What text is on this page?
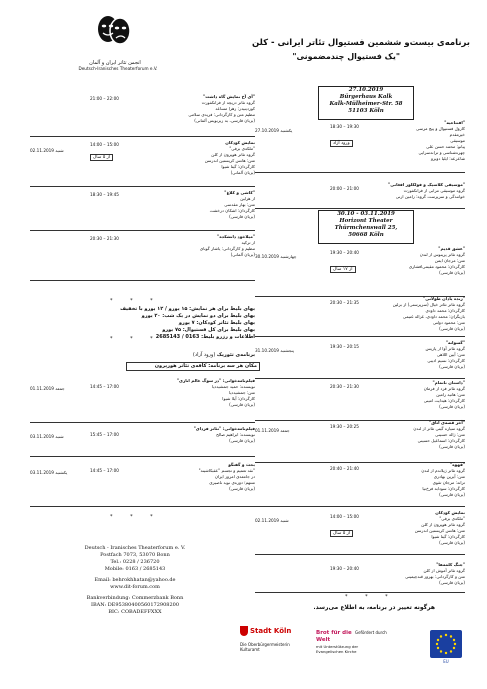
انجمن تئاتر ایران و آلمان
Deutsch-Iranisches Theaterforum e.V.
برنامه‌ی بیست‌و ششمین فستیوال تئاتر ایرانی - کلن
"یک فستیوال چندمضمونی"
27.10.2019
Bürgerhaus Kalk
Kalk-Mülheimer-Str. 58
51103 Köln
30.10 - 03.11.2019
Horizont Theater
Thürmchenswall 25,
50668 Köln
27.10.2019 یکشنبه
18:30 – 19:30
"افتتاحیه"
کارول فستیوال و پیچ مرسی
خیرمقدم
موسیقی
پیانو: محمد حسن علی
چهره‌شناسی و ترانه‌سرایی
شاعرعه: ایلیا دوبرو
ورود آزاد
20:00 – 21:00
"موسیقی کلاسیک و فولکلور افغانی"
گروه موسیقی مرابی از فرانکفورت
خوانندگی و سرپرست گروه: رامین ارنی
30.10.2019 چهارشنبه
19:30 – 20:40
"عشق قدیم"
گروه تئاتر پرینوس از لندن
متن: مرجان ایمن
کارگردان: محمود مقیمی‌افشاری
(بزبان فارسی)
از ۱۷ سال
20:30 – 21:35
"زنده یادان طولانی"
گروه تئاتر تئاتر خیال (سرپرستی) از برلین
کارگردان: محمد داودی
بازیگران: محمد داودی، غزاله غنیمی
متن: محمود دولتی
(بزبان فارسی)
31.10.2019 پنجشنبه
19:30 – 20:15
"گسوانه"
گروه تئاتر آوا از پاریس
متن: آیین اللاهی
کارگردان: نسیم ادیبی
(بزبان فارسی)
20:30 – 21:30
"داستان ناتمام"
گروه تئاتر فرد از فرمان
متن: هانیه رامین
کارگردان: هیدایت امینی
(بزبان فارسی)
01.11.2019 جمعه
19:30 – 20:25
"آخر قصه‌ی اتاق"
گروه سیاره گیتی تئاتر از لندن
متن: ژاله حسینی
کارگردان: اسماعیل حسینی
(بزبان فارسی)
20:40 – 21:40
"قهوه"
گروه تئاتر ژیلاندم از لندن
متن: آیرین بهادری
ترانه: مرجان تقوی
کارگردان: سودابه فرخ‌نیا
(بزبان فارسی)
02.11.2019 شنبه
14:00 – 15:00
نمایش کودکان
"ملکه‌ی برفی"
گروه تئاتر هوپرون از کلن
متن: هانس کریستین اندرسن
کارگردان: گیتا شیوا
(بزبان فارسی)
از ۵ سال
19:30 – 20:40
"جنگ کلمه‌ها"
گروه تئاتر آموش از کلن
متن و کارگردانی: بهروز قندچیمینی
(بزبان فارسی)
21:00 – 22:00	"آی آخ نمایش گاه داشت"
گروه تئاتر دریچه از فرانکفورت
کوردینیدر: زهرا مساعد
تنظیم متن و کارگردانی: فریدی سلامی
(بزبان فارسی، به‌ زیرنویس آلمانی)
02.11.2019 شنبه
14:00 – 15:00	نمایش کودکان
"ملکه‌ی برفی"
گروه تئاتر هوپرون از کلن
متن: هانس کریستین اندرسن
کارگردان: گیتا شیوا
(بزبان آلمانی)
از ۵ سال
18:30 – 19:45	"کاشی و کلاغ"
از هرلین
متن: بهار مقدسی
کارگردان: اشکان درخشت
(بزبان فارسی)
20:30 – 21:30	"میلاخود دانشکده"
از ترکیه
تنظیم و کارگردانی: یاشار گوبای
(بزبان آلمانی)
* * *
* * *
* * *
* * *
بهای بلیط برای هر نمایش: ۱۵ یورو / ۱۲ یورو با تخفیف
بهای بلیط برای دو نمایش در یک شب: ۲۰ یورو
بهای بلیط تئاتر کودکان: ۷ یورو
بهای بلیط برای کل فستیوال: ۷۵ یورو
اطلاعات و رزرو بلیط: 0163 / 2685143
برنامه‌ی تئوریک (ورود آزاد)
مکان هر سه برنامه: کافه‌ی تئاتر هورپرون
01.11.2019 جمعه	14:45 – 17:00
فیلم‌نامه‌خوانی: "در سوگ غالم اناری"
نویسنده: حمید جمشید‌دیا
متن: جمشید‌دیا
کارگردان: آیلا شیوا
(بزبان فارسی)
03.11.2019 شنبه	15:45 – 17:00
فیلم‌نامه‌خوانی: "تئاتر فردای"
نویسنده: ابراهیم صالح
(بزبان فارسی)
03.11.2019 یکشنبه	14:45 – 17:00
بحث و گفتگو
"نقد تعمیم و تجسم "عقبکاشینه"
در جامعه‌ی امروز ایران
منتهم؛ دوره‌ی نوید ناصیری
(بزبان فارسی)
Deutsch - Iranisches Theaterforum e. V.
Postfach 7073, 53070 Bonn
Tel.: 0228 / 236720
Mobile: 0163 / 2685143
Email: behrokhhatan@yahoo.de
www.dit-forum.com
Bankverbindung: Commerzbank Bonn
IBAN: DE95380400560172908200
BIC: COBADEFFXXX
هرگونه تغییر در برنامه، به اطلاع می‌رسد.
Stadt Köln
Die Oberbürgermeisterin Kulturamt
Brot für die Welt
mit Unterstützung der Evangelischen Kirche
Gefördert durch
EU
